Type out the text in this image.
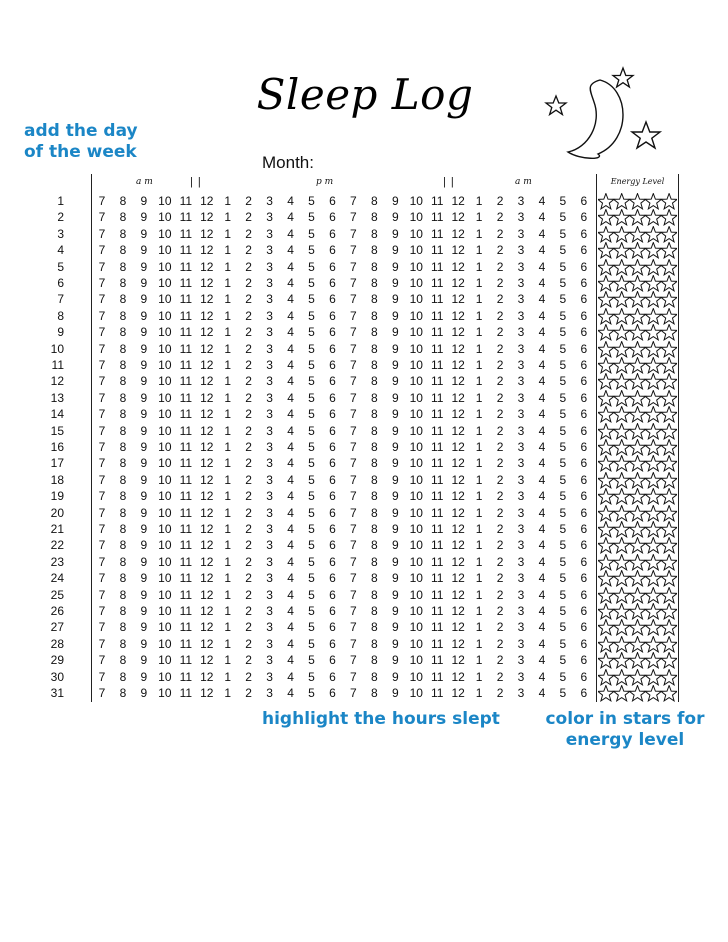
Sleep Log
add the day
of the week
Month:
a m	| |	p m	| |	a m
1	7	8	9 10 11 12 1	2	3	4	5	6	7	8	9 10 11 12 1	2	3	4	5	6
2	7	8	9 10 11 12 1	2	3	4	5	6	7	8	9 10 11 12 1	2	3	4	5	6
3	7	8	9 10 11 12 1	2	3	4	5	6	7	8	9 10 11 12 1	2	3	4	5	6
4	7	8	9 10 11 12 1	2	3	4	5	6	7	8	9 10 11 12 1	2	3	4	5	6
5	7	8	9 10 11 12 1	2	3	4	5	6	7	8	9 10 11 12 1	2	3	4	5	6
6	7	8	9 10 11 12 1	2	3	4	5	6	7	8	9 10 11 12 1	2	3	4	5	6
7	7	8	9 10 11 12 1	2	3	4	5	6	7	8	9 10 11 12 1	2	3	4	5	6
8	7	8	9 10 11 12 1	2	3	4	5	6	7	8	9 10 11 12 1	2	3	4	5	6
9	7	8	9 10 11 12 1	2	3	4	5	6	7	8	9 10 11 12 1	2	3	4	5	6
10	7	8	9 10 11 12 1	2	3	4	5	6	7	8	9 10 11 12 1	2	3	4	5	6
11	7	8	9 10 11 12 1	2	3	4	5	6	7	8	9 10 11 12 1	2	3	4	5	6
12	7	8	9 10 11 12 1	2	3	4	5	6	7	8	9 10 11 12 1	2	3	4	5	6
13	7	8	9 10 11 12 1	2	3	4	5	6	7	8	9 10 11 12 1	2	3	4	5	6
14	7	8	9 10 11 12 1	2	3	4	5	6	7	8	9 10 11 12 1	2	3	4	5	6
15	7	8	9 10 11 12 1	2	3	4	5	6	7	8	9 10 11 12 1	2	3	4	5	6
16	7	8	9 10 11 12 1	2	3	4	5	6	7	8	9 10 11 12 1	2	3	4	5	6
17	7	8	9 10 11 12 1	2	3	4	5	6	7	8	9 10 11 12 1	2	3	4	5	6
18	7	8	9 10 11 12 1	2	3	4	5	6	7	8	9 10 11 12 1	2	3	4	5	6
19	7	8	9 10 11 12 1	2	3	4	5	6	7	8	9 10 11 12 1	2	3	4	5	6
20	7	8	9 10 11 12 1	2	3	4	5	6	7	8	9 10 11 12 1	2	3	4	5	6
21	7	8	9 10 11 12 1	2	3	4	5	6	7	8	9 10 11 12 1	2	3	4	5	6
22	7	8	9 10 11 12 1	2	3	4	5	6	7	8	9 10 11 12 1	2	3	4	5	6
23	7	8	9 10 11 12 1	2	3	4	5	6	7	8	9 10 11 12 1	2	3	4	5	6
24	7	8	9 10 11 12 1	2	3	4	5	6	7	8	9 10 11 12 1	2	3	4	5	6
25	7	8	9 10 11 12 1	2	3	4	5	6	7	8	9 10 11 12 1	2	3	4	5	6
26	7	8	9 10 11 12 1	2	3	4	5	6	7	8	9 10 11 12 1	2	3	4	5	6
27	7	8	9 10 11 12 1	2	3	4	5	6	7	8	9 10 11 12 1	2	3	4	5	6
28	7	8	9 10 11 12 1	2	3	4	5	6	7	8	9 10 11 12 1	2	3	4	5	6
29	7	8	9 10 11 12 1	2	3	4	5	6	7	8	9 10 11 12 1	2	3	4	5	6
30	7	8	9 10 11 12 1	2	3	4	5	6	7	8	9 10 11 12 1	2	3	4	5	6
31	7	8	9 10 11 12 1	2	3	4	5	6	7	8	9 10 11 12 1	2	3	4	5	6
Energy Level
highlight the hours slept	color in stars for
energy level
